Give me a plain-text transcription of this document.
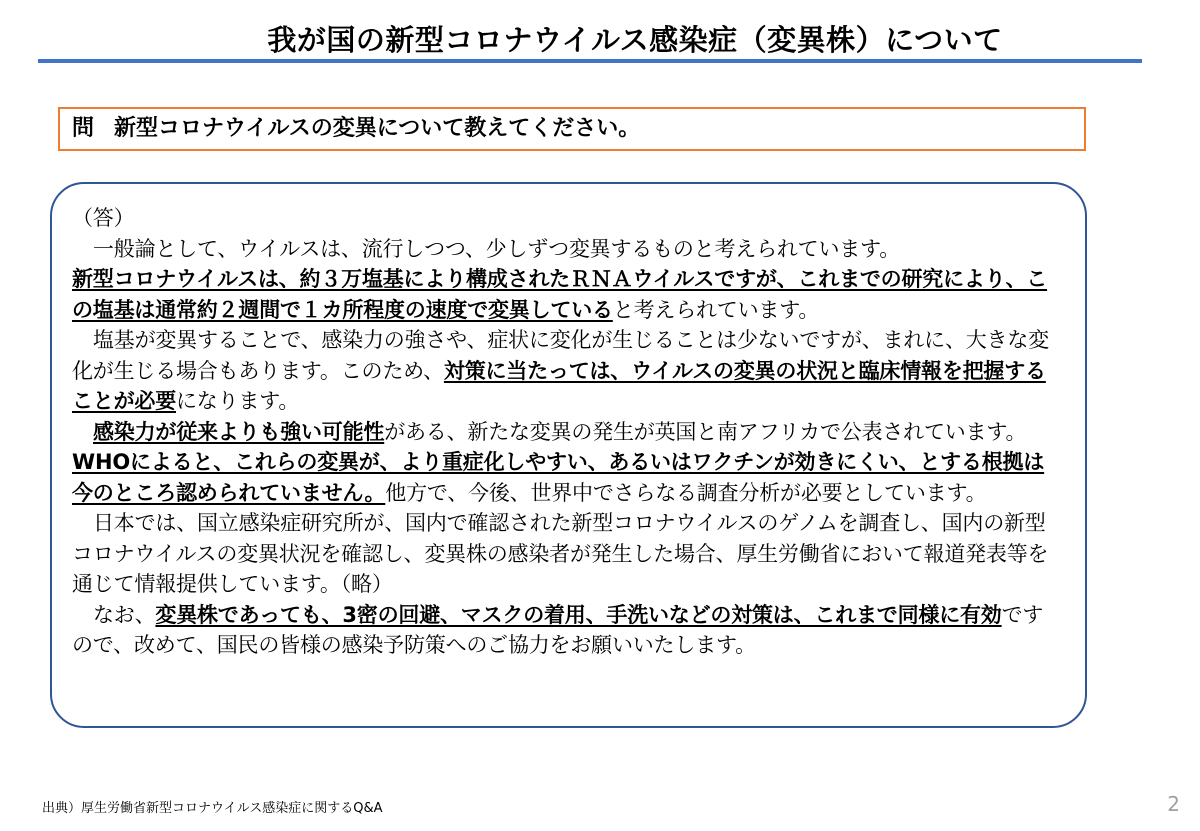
我が国の新型コロナウイルス感染症（変異株）について
問 新型コロナウイルスの変異について教えてください。

（答）

一般論として、ウイルスは、流行しつつ、少しずつ変異するものと考えられています。

新型コロナウイルスは、約３万塩基により構成されたＲＮＡウイルスですが、これまでの研究により、この塩基は通常約２週間で１カ所程度の速度で変異していると考えられています。

塩基が変異することで、感染力の強さや、症状に変化が生じることは少ないですが、まれに、大きな変化が生じる場合もあります。このため、対策に当たっては、ウイルスの変異の状況と臨床情報を把握することが必要になります。

感染力が従来よりも強い可能性がある、新たな変異の発生が英国と南アフリカで公表されています。WHOによると、これらの変異が、より重症化しやすい、あるいはワクチンが効きにくい、とする根拠は今のところ認められていません。他方で、今後、世界中でさらなる調査分析が必要としています。

日本では、国立感染症研究所が、国内で確認された新型コロナウイルスのゲノムを調査し、国内の新型コロナウイルスの変異状況を確認し、変異株の感染者が発生した場合、厚生労働省において報道発表等を通じて情報提供しています。（略）

なお、変異株であっても、3密の回避、マスクの着用、手洗いなどの対策は、これまで同様に有効ですので、改めて、国民の皆様の感染予防策へのご協力をお願いいたします。

出典）厚生労働省新型コロナウイルス感染症に関するQ&A	2
